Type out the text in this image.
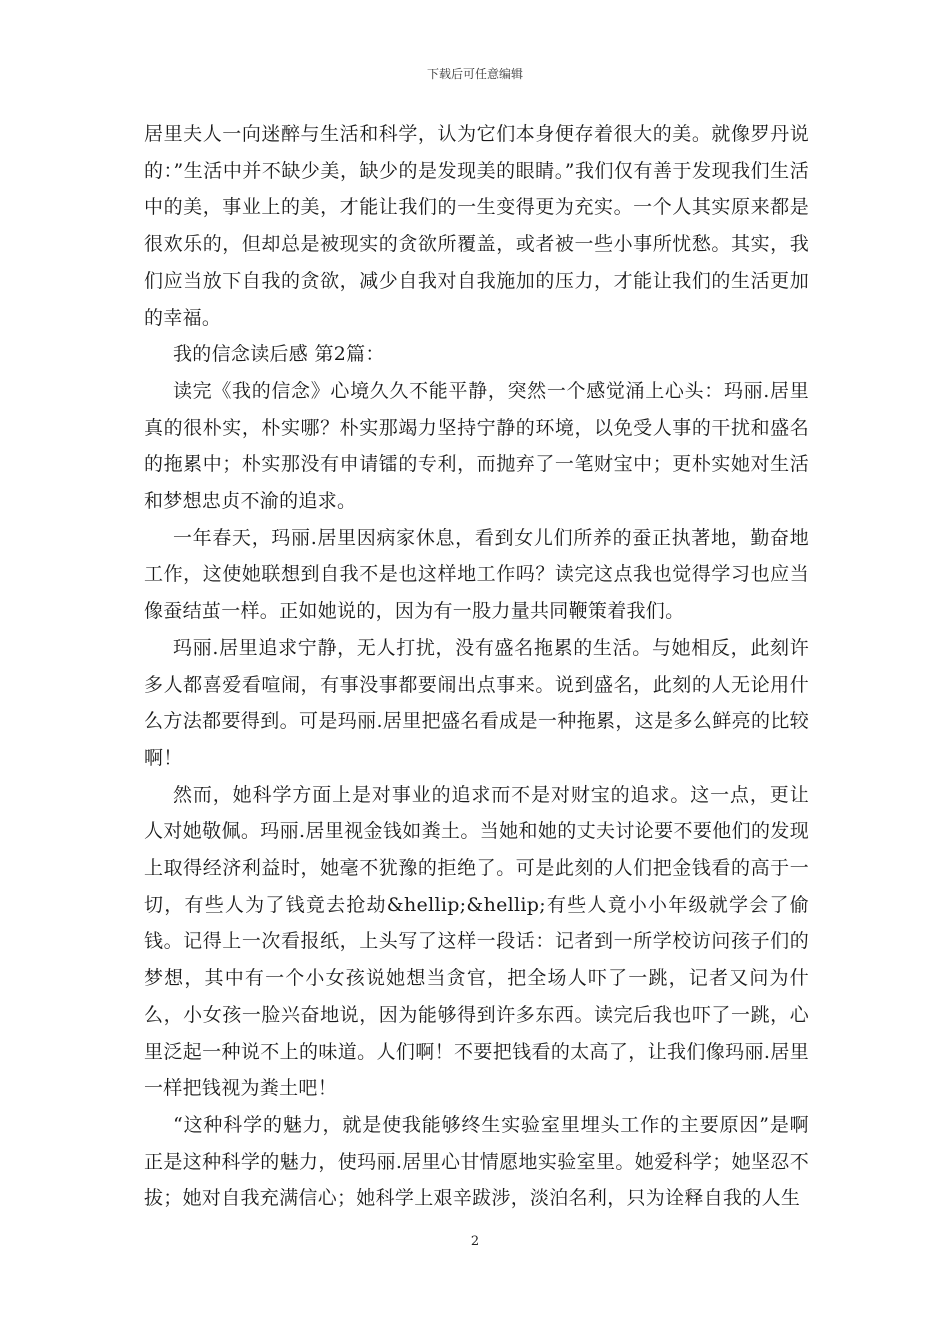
下载后可任意编辑

居里夫人一向迷醉与生活和科学，认为它们本身便存着很大的美。就像罗丹说的：”生活中并不缺少美，缺少的是发现美的眼睛。”我们仅有善于发现我们生活中的美，事业上的美，才能让我们的一生变得更为充实。一个人其实原来都是很欢乐的，但却总是被现实的贪欲所覆盖，或者被一些小事所忧愁。其实，我们应当放下自我的贪欲，减少自我对自我施加的压力，才能让我们的生活更加的幸福。

我的信念读后感 第2篇：

读完《我的信念》心境久久不能平静，突然一个感觉涌上心头：玛丽.居里真的很朴实，朴实哪？朴实那竭力坚持宁静的环境，以免受人事的干扰和盛名的拖累中；朴实那没有申请镭的专利，而抛弃了一笔财宝中；更朴实她对生活和梦想忠贞不渝的追求。

一年春天，玛丽.居里因病家休息，看到女儿们所养的蚕正执著地，勤奋地工作，这使她联想到自我不是也这样地工作吗？读完这点我也觉得学习也应当像蚕结茧一样。正如她说的，因为有一股力量共同鞭策着我们。

玛丽.居里追求宁静，无人打扰，没有盛名拖累的生活。与她相反，此刻许多人都喜爱看喧闹，有事没事都要闹出点事来。说到盛名，此刻的人无论用什么方法都要得到。可是玛丽.居里把盛名看成是一种拖累，这是多么鲜亮的比较啊！

然而，她科学方面上是对事业的追求而不是对财宝的追求。这一点，更让人对她敬佩。玛丽.居里视金钱如粪土。当她和她的丈夫讨论要不要他们的发现上取得经济利益时，她毫不犹豫的拒绝了。可是此刻的人们把金钱看的高于一切，有些人为了钱竟去抢劫&hellip;&hellip;有些人竟小小年级就学会了偷钱。记得上一次看报纸，上头写了这样一段话：记者到一所学校访问孩子们的梦想，其中有一个小女孩说她想当贪官，把全场人吓了一跳，记者又问为什么，小女孩一脸兴奋地说，因为能够得到许多东西。读完后我也吓了一跳，心里泛起一种说不上的味道。人们啊！不要把钱看的太高了，让我们像玛丽.居里一样把钱视为粪土吧！

“这种科学的魅力，就是使我能够终生实验室里埋头工作的主要原因”是啊正是这种科学的魅力，使玛丽.居里心甘情愿地实验室里。她爱科学；她坚忍不拔；她对自我充满信心；她科学上艰辛跋涉，淡泊名利，只为诠释自我的人生

2
